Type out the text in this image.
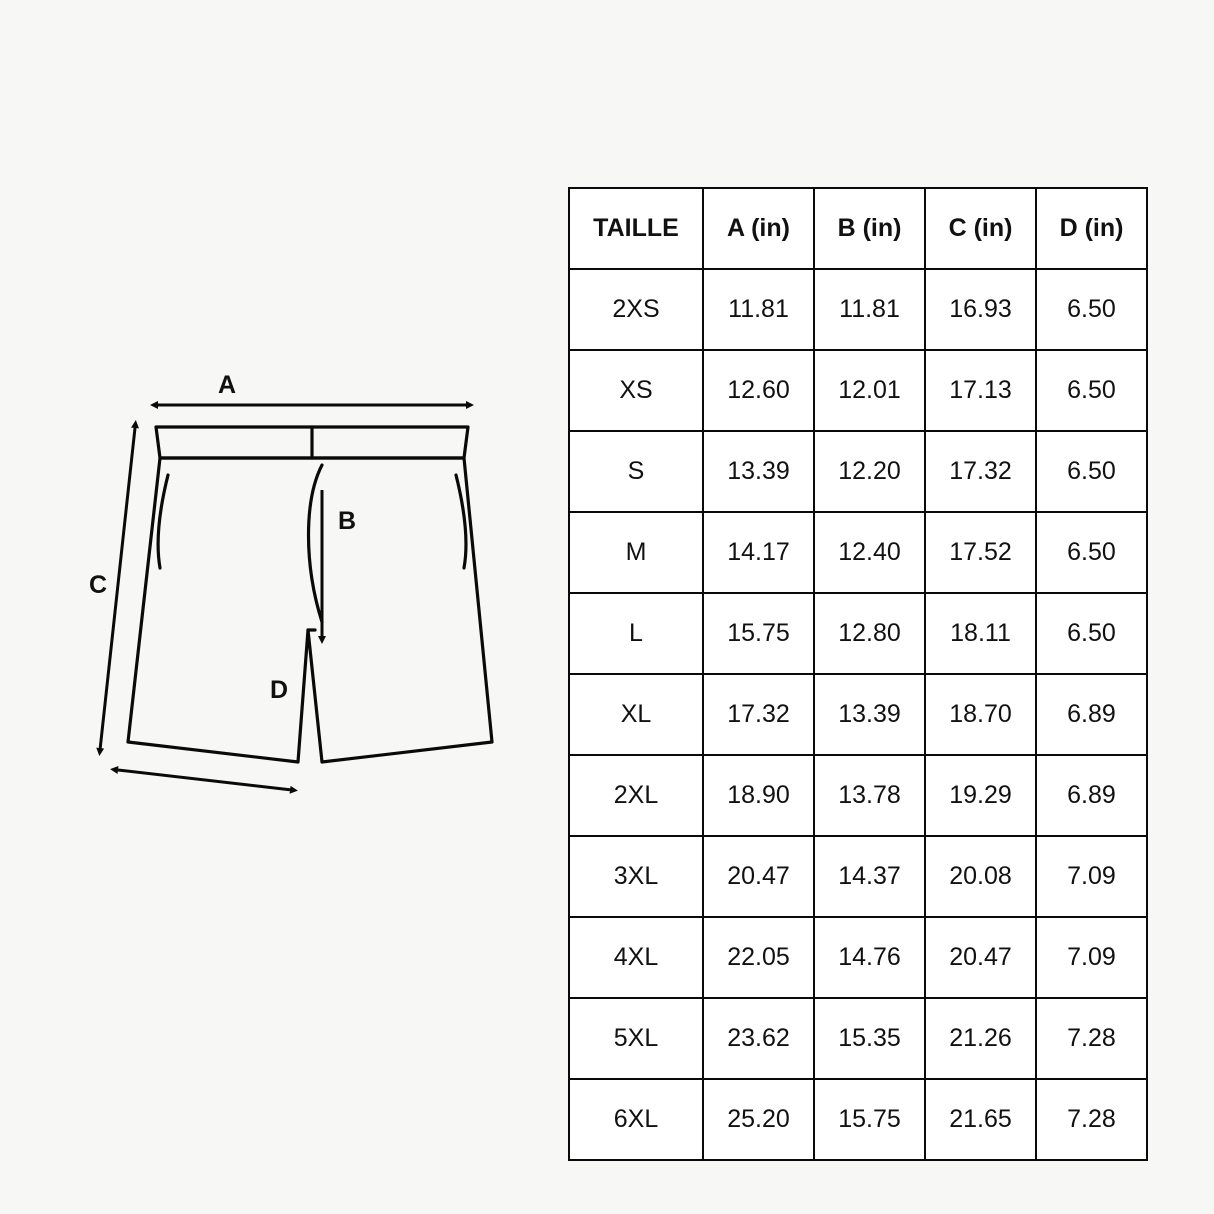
A
B
C
D
TAILLE	A (in)	B (in)	C (in)	D (in)
2XS	11.81	11.81	16.93	6.50
XS	12.60	12.01	17.13	6.50
S	13.39	12.20	17.32	6.50
M	14.17	12.40	17.52	6.50
L	15.75	12.80	18.11	6.50
XL	17.32	13.39	18.70	6.89
2XL	18.90	13.78	19.29	6.89
3XL	20.47	14.37	20.08	7.09
4XL	22.05	14.76	20.47	7.09
5XL	23.62	15.35	21.26	7.28
6XL	25.20	15.75	21.65	7.28
